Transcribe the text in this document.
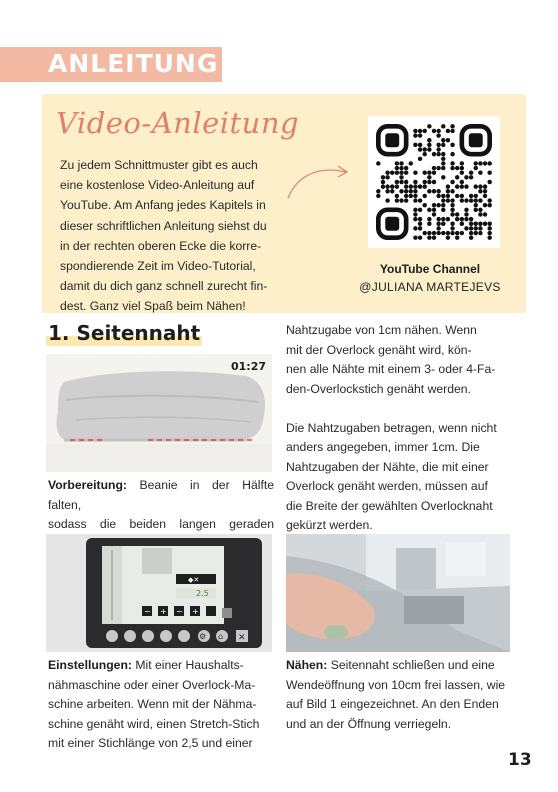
ANLEITUNG
Video-Anleitung
Zu jedem Schnittmuster gibt es auch
eine kostenlose Video-Anleitung auf
YouTube. Am Anfang jedes Kapitels in
dieser schriftlichen Anleitung siehst du
in der rechten oberen Ecke die korre-
spondierende Zeit im Video-Tutorial,
damit du dich ganz schnell zurecht fin-
dest. Ganz viel Spaß beim Nähen!
YouTube Channel
@JULIANA MARTEJEVS
1. Seitennaht
01:27
Vorbereitung: Beanie in der Hälfte falten,
sodass die beiden langen geraden
Nahtzugabe von 1cm nähen. Wenn
mit der Overlock genäht wird, kön-
nen alle Nähte mit einem 3- oder 4-Fa-
den-Overlockstich genäht werden.
Die Nahtzugaben betragen, wenn nicht
anders angegeben, immer 1cm. Die
Nahtzugaben der Nähte, die mit einer
Overlock genäht werden, müssen auf
die Breite der gewählten Overlocknaht
gekürzt werden.
◆✕
2.5
− + − +
⚙ ⌂ ✕
Einstellungen: Mit einer Haushalts-
nähmaschine oder einer Overlock-Ma-
schine arbeiten. Wenn mit der Nähma-
schine genäht wird, einen Stretch-Stich
mit einer Stichlänge von 2,5 und einer
Nähen: Seitennaht schließen und eine
Wendeöffnung von 10cm frei lassen, wie
auf Bild 1 eingezeichnet. An den Enden
und an der Öffnung verriegeln.
13
